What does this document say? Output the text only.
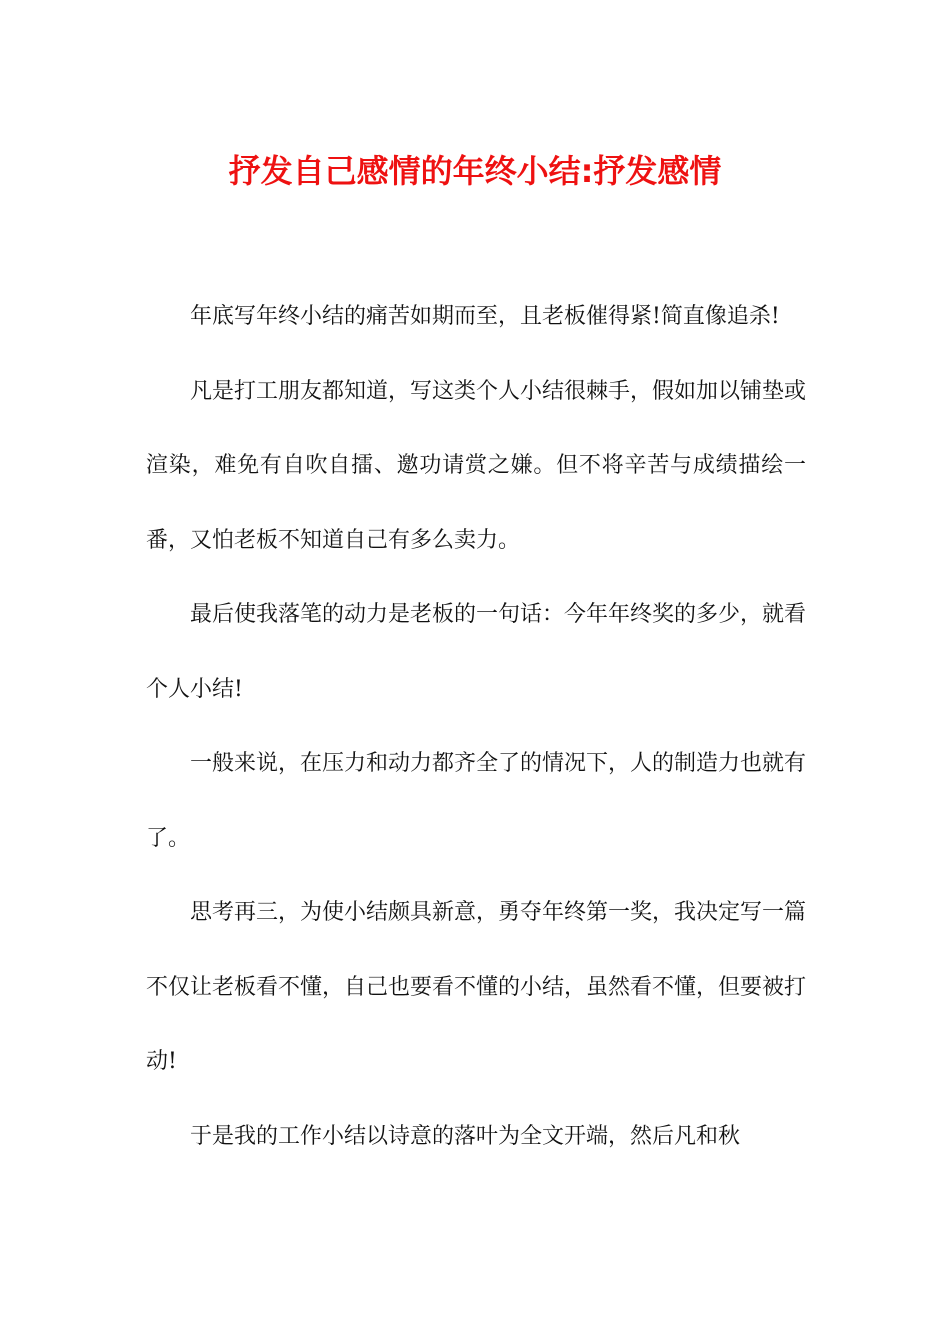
抒发自己感情的年终小结:抒发感情

年底写年终小结的痛苦如期而至，且老板催得紧!简直像追杀!

凡是打工朋友都知道，写这类个人小结很棘手，假如加以铺垫或渲染，难免有自吹自擂、邀功请赏之嫌。但不将辛苦与成绩描绘一番，又怕老板不知道自己有多么卖力。

最后使我落笔的动力是老板的一句话：今年年终奖的多少，就看个人小结!

一般来说，在压力和动力都齐全了的情况下，人的制造力也就有了。

思考再三，为使小结颇具新意，勇夺年终第一奖，我决定写一篇不仅让老板看不懂，自己也要看不懂的小结，虽然看不懂，但要被打动!

于是我的工作小结以诗意的落叶为全文开端，然后凡和秋
